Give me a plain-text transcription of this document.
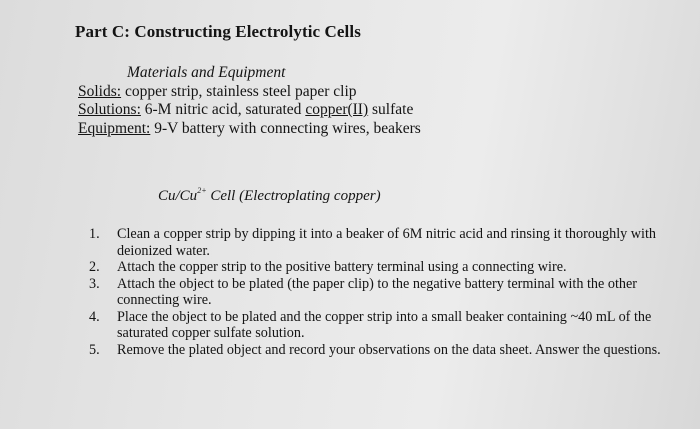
Part C: Constructing Electrolytic Cells
Materials and Equipment
Solids: copper strip, stainless steel paper clip
Solutions: 6-M nitric acid, saturated copper(II) sulfate
Equipment: 9-V battery with connecting wires, beakers
$Cu/Cu^{2+}$ Cell (Electroplating copper)
1. Clean a copper strip by dipping it into a beaker of 6M nitric acid and rinsing it thoroughly with deionized water.
2. Attach the copper strip to the positive battery terminal using a connecting wire.
3. Attach the object to be plated (the paper clip) to the negative battery terminal with the other connecting wire.
4. Place the object to be plated and the copper strip into a small beaker containing ~40 mL of the saturated copper sulfate solution.
5. Remove the plated object and record your observations on the data sheet. Answer the questions.
